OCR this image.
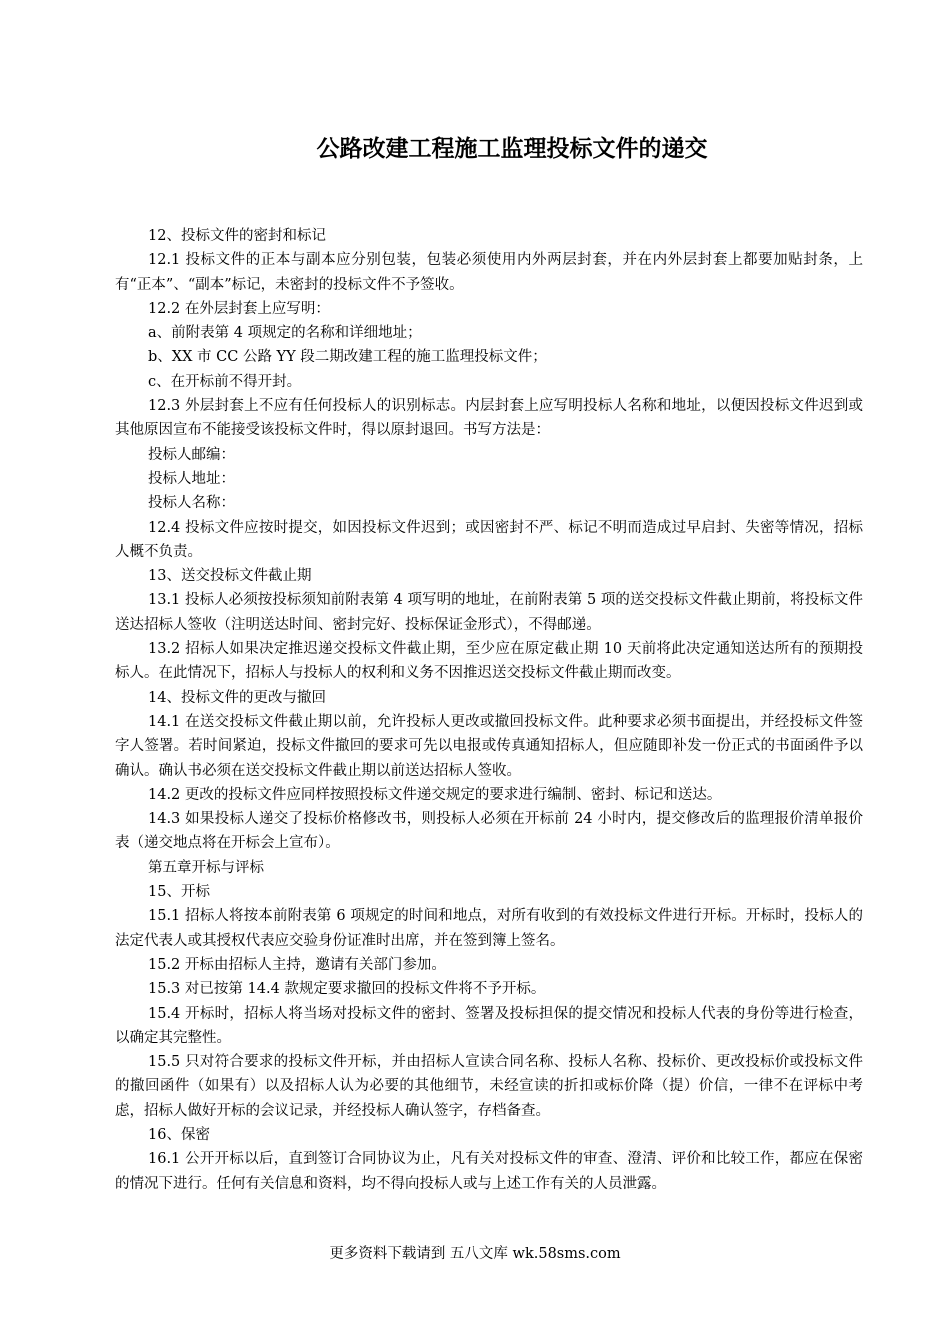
公路改建工程施工监理投标文件的递交

12、投标文件的密封和标记

12.1 投标文件的正本与副本应分别包装，包装必须使用内外两层封套，并在内外层封套上都要加贴封条，上有“正本”、“副本”标记，未密封的投标文件不予签收。

12.2 在外层封套上应写明：

a、前附表第 4 项规定的名称和详细地址；

b、XX 市 CC 公路 YY 段二期改建工程的施工监理投标文件；

c、在开标前不得开封。

12.3 外层封套上不应有任何投标人的识别标志。内层封套上应写明投标人名称和地址，以便因投标文件迟到或其他原因宣布不能接受该投标文件时，得以原封退回。书写方法是：

投标人邮编：

投标人地址：

投标人名称：

12.4 投标文件应按时提交，如因投标文件迟到；或因密封不严、标记不明而造成过早启封、失密等情况，招标人概不负责。

13、送交投标文件截止期

13.1 投标人必须按投标须知前附表第 4 项写明的地址，在前附表第 5 项的送交投标文件截止期前，将投标文件送达招标人签收（注明送达时间、密封完好、投标保证金形式），不得邮递。

13.2 招标人如果决定推迟递交投标文件截止期，至少应在原定截止期 10 天前将此决定通知送达所有的预期投标人。在此情况下，招标人与投标人的权利和义务不因推迟送交投标文件截止期而改变。

14、投标文件的更改与撤回

14.1 在送交投标文件截止期以前，允许投标人更改或撤回投标文件。此种要求必须书面提出，并经投标文件签字人签署。若时间紧迫，投标文件撤回的要求可先以电报或传真通知招标人，但应随即补发一份正式的书面函件予以确认。确认书必须在送交投标文件截止期以前送达招标人签收。

14.2 更改的投标文件应同样按照投标文件递交规定的要求进行编制、密封、标记和送达。

14.3 如果投标人递交了投标价格修改书，则投标人必须在开标前 24 小时内，提交修改后的监理报价清单报价表（递交地点将在开标会上宣布）。

第五章开标与评标

15、开标

15.1 招标人将按本前附表第 6 项规定的时间和地点，对所有收到的有效投标文件进行开标。开标时，投标人的法定代表人或其授权代表应交验身份证准时出席，并在签到簿上签名。

15.2 开标由招标人主持，邀请有关部门参加。

15.3 对已按第 14.4 款规定要求撤回的投标文件将不予开标。

15.4 开标时，招标人将当场对投标文件的密封、签署及投标担保的提交情况和投标人代表的身份等进行检查，以确定其完整性。

15.5 只对符合要求的投标文件开标，并由招标人宣读合同名称、投标人名称、投标价、更改投标价或投标文件的撤回函件（如果有）以及招标人认为必要的其他细节，未经宣读的折扣或标价降（提）价信，一律不在评标中考虑，招标人做好开标的会议记录，并经投标人确认签字，存档备查。

16、保密

16.1 公开开标以后，直到签订合同协议为止，凡有关对投标文件的审查、澄清、评价和比较工作，都应在保密的情况下进行。任何有关信息和资料，均不得向投标人或与上述工作有关的人员泄露。

更多资料下载请到 五八文库 wk.58sms.com
